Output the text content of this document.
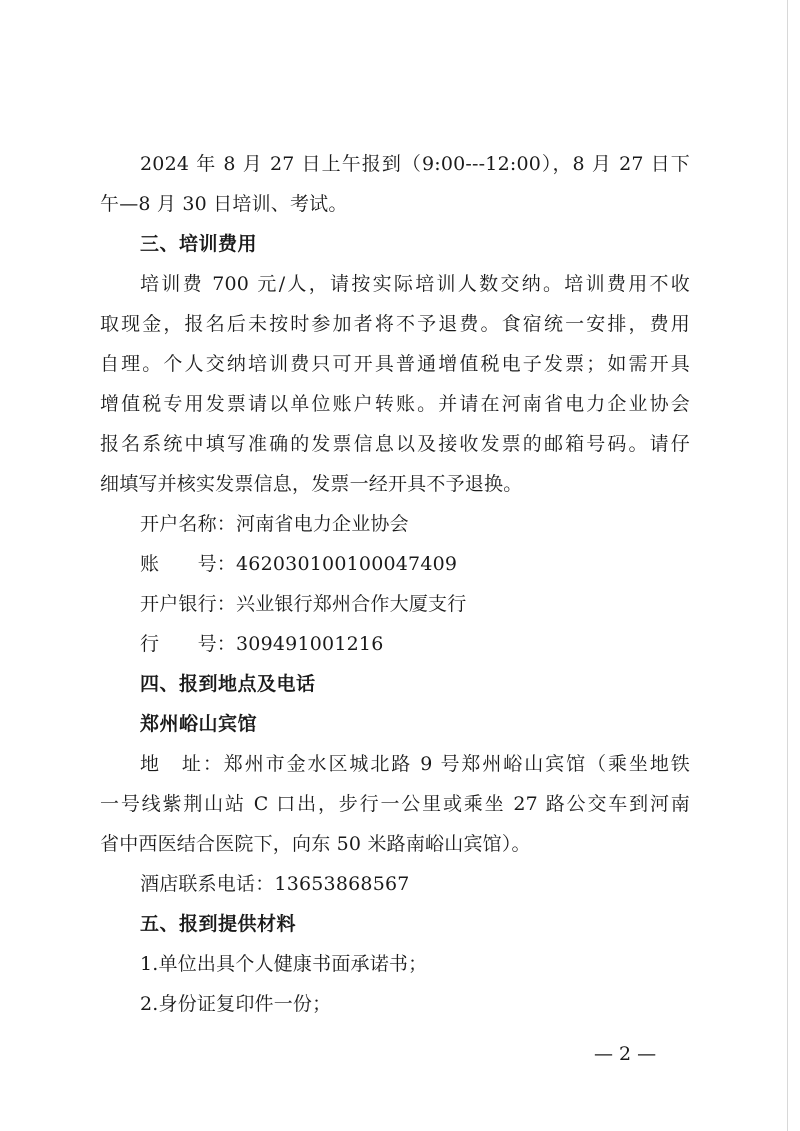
2024 年 8 月 27 日上午报到（9:00---12:00），8 月 27 日下
午—8 月 30 日培训、考试。
三、培训费用
培训费 700 元/人，请按实际培训人数交纳。培训费用不收
取现金，报名后未按时参加者将不予退费。食宿统一安排，费用
自理。个人交纳培训费只可开具普通增值税电子发票；如需开具
增值税专用发票请以单位账户转账。并请在河南省电力企业协会
报名系统中填写准确的发票信息以及接收发票的邮箱号码。请仔
细填写并核实发票信息，发票一经开具不予退换。
开户名称：河南省电力企业协会
账　　号：462030100100047409
开户银行：兴业银行郑州合作大厦支行
行　　号：309491001216
四、报到地点及电话
郑州峪山宾馆
地　址：郑州市金水区城北路 9 号郑州峪山宾馆（乘坐地铁
一号线紫荆山站 C 口出，步行一公里或乘坐 27 路公交车到河南
省中西医结合医院下，向东 50 米路南峪山宾馆）。
酒店联系电话：13653868567
五、报到提供材料
1.单位出具个人健康书面承诺书；
2.身份证复印件一份；
— 2 —
